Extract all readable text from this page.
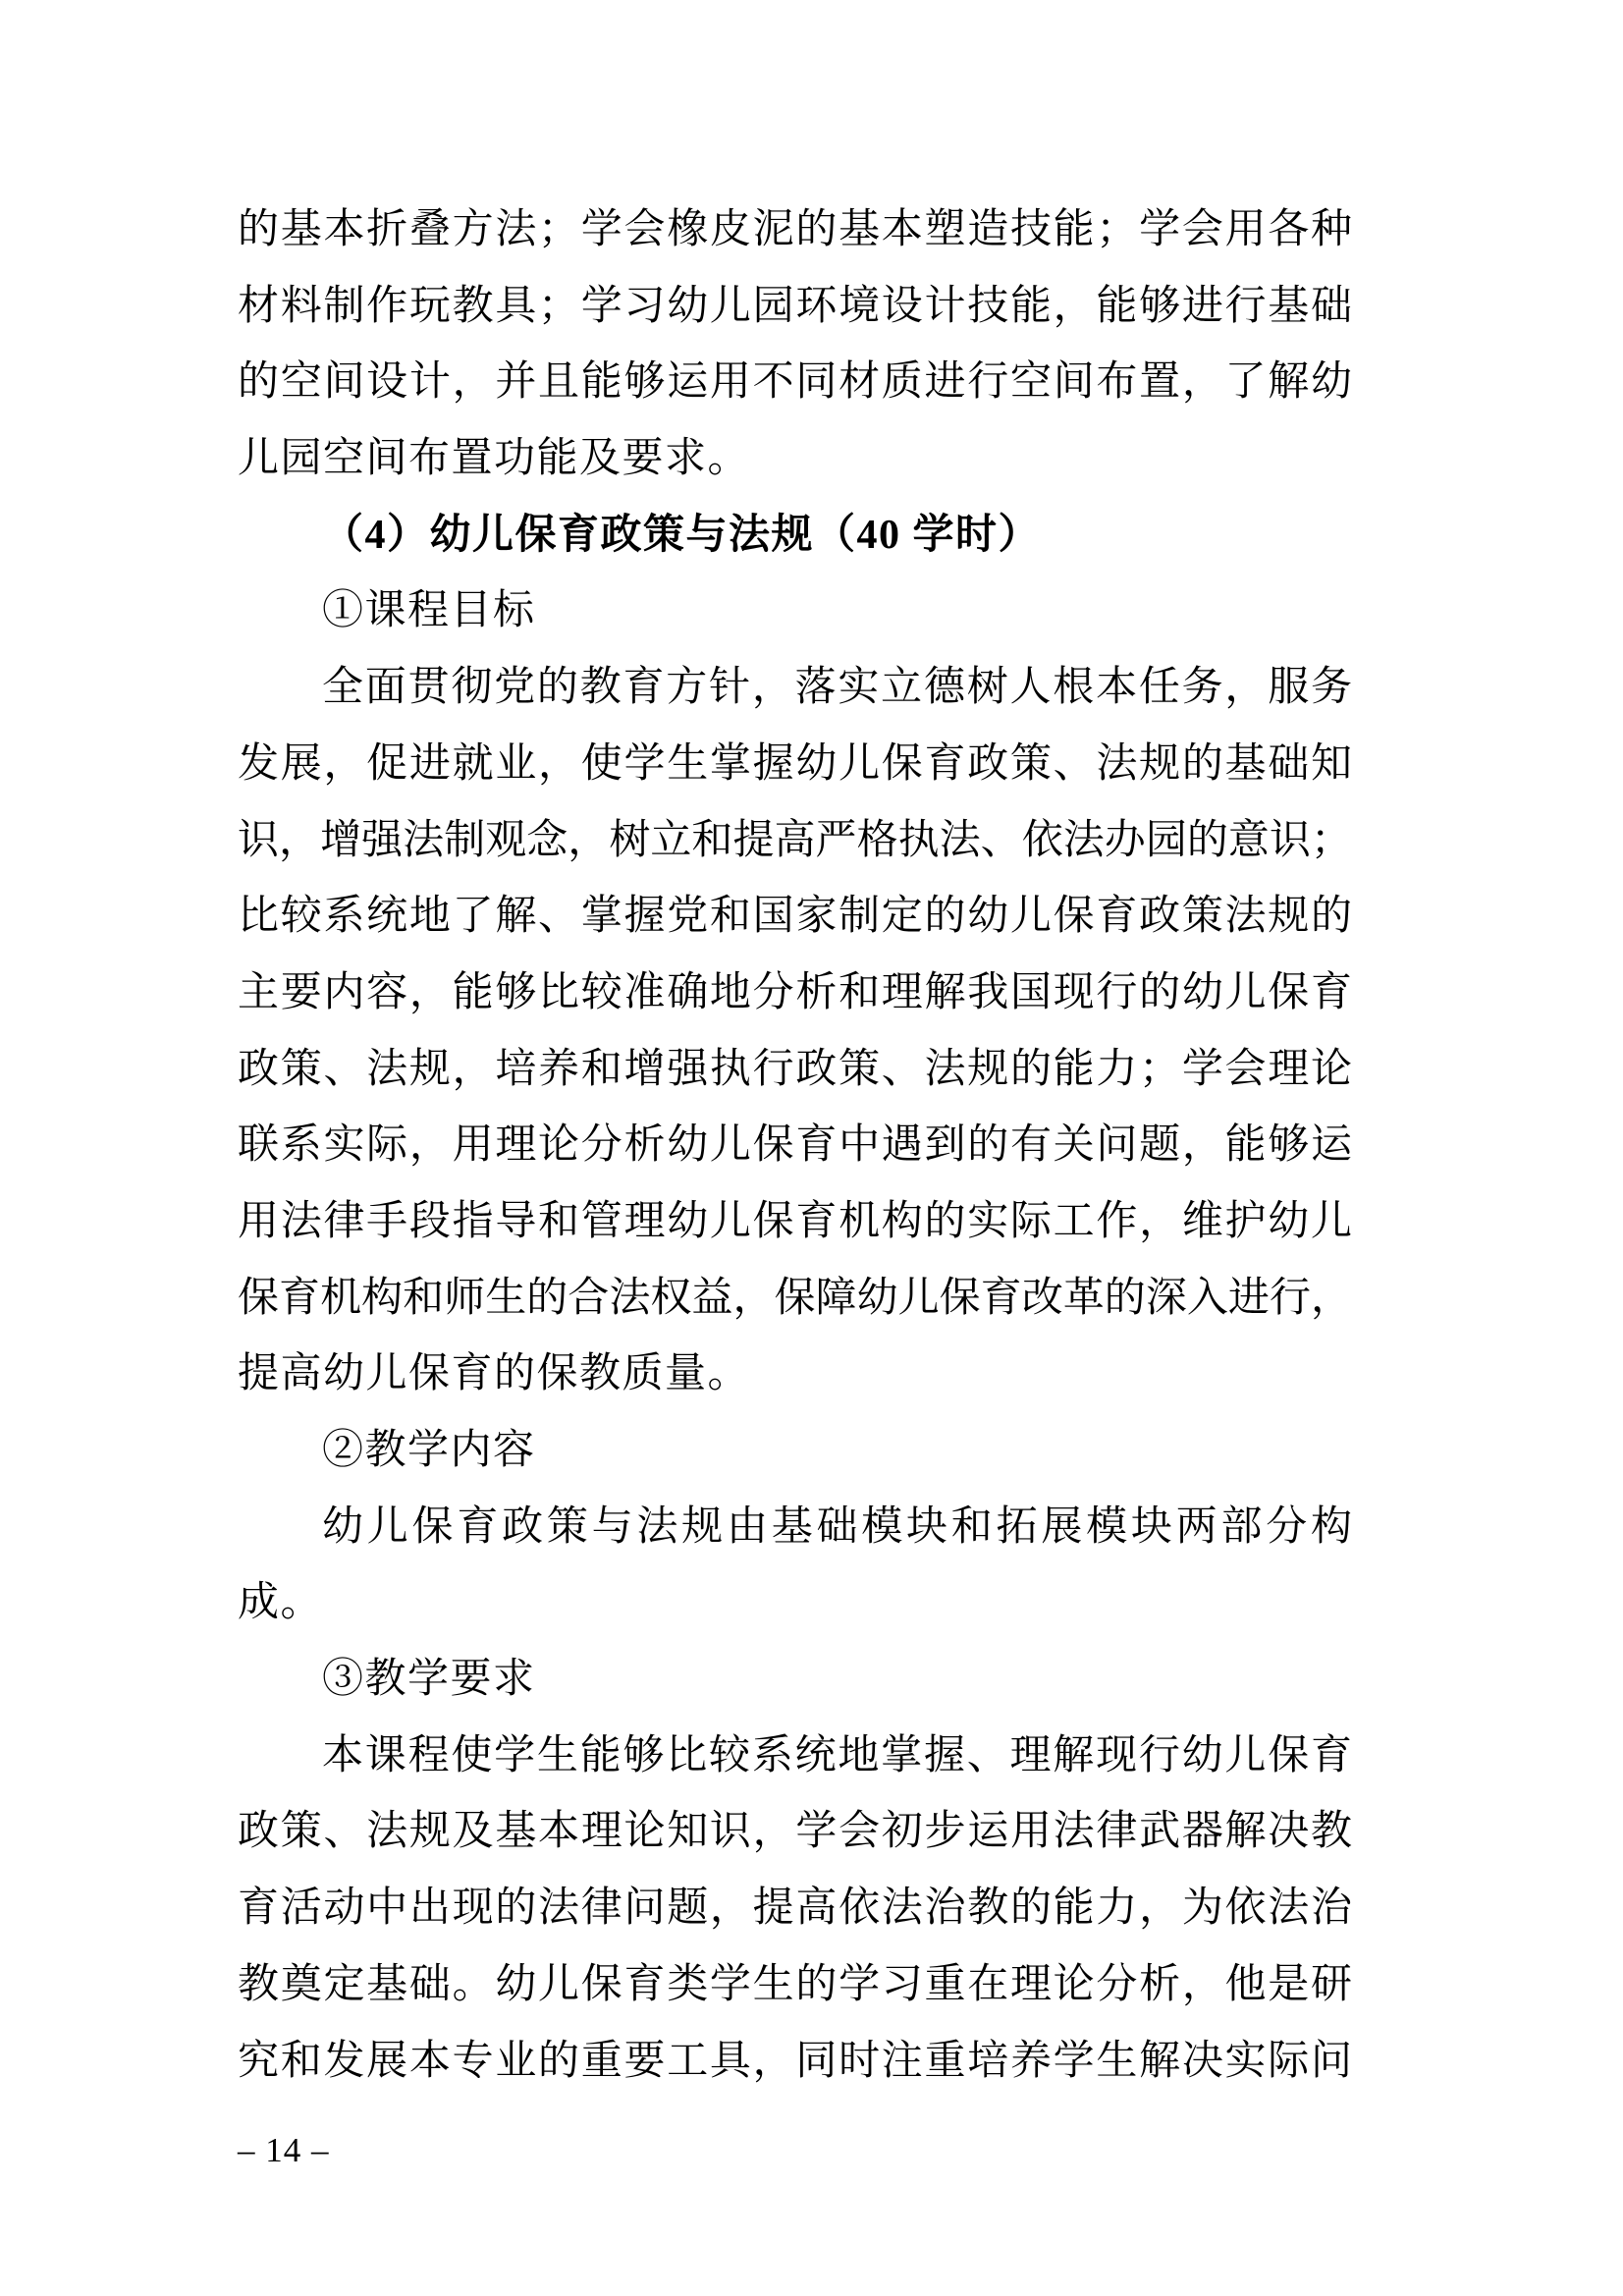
的基本折叠方法；学会橡皮泥的基本塑造技能；学会用各种
材料制作玩教具；学习幼儿园环境设计技能，能够进行基础
的空间设计，并且能够运用不同材质进行空间布置，了解幼
儿园空间布置功能及要求。
（4）幼儿保育政策与法规（40 学时）
①课程目标
全面贯彻党的教育方针，落实立德树人根本任务，服务
发展，促进就业，使学生掌握幼儿保育政策、法规的基础知
识，增强法制观念，树立和提高严格执法、依法办园的意识；
比较系统地了解、掌握党和国家制定的幼儿保育政策法规的
主要内容，能够比较准确地分析和理解我国现行的幼儿保育
政策、法规，培养和增强执行政策、法规的能力；学会理论
联系实际，用理论分析幼儿保育中遇到的有关问题，能够运
用法律手段指导和管理幼儿保育机构的实际工作，维护幼儿
保育机构和师生的合法权益，保障幼儿保育改革的深入进行，
提高幼儿保育的保教质量。
②教学内容
幼儿保育政策与法规由基础模块和拓展模块两部分构
成。
③教学要求
本课程使学生能够比较系统地掌握、理解现行幼儿保育
政策、法规及基本理论知识，学会初步运用法律武器解决教
育活动中出现的法律问题，提高依法治教的能力，为依法治
教奠定基础。幼儿保育类学生的学习重在理论分析，他是研
究和发展本专业的重要工具，同时注重培养学生解决实际问
– 14 –
